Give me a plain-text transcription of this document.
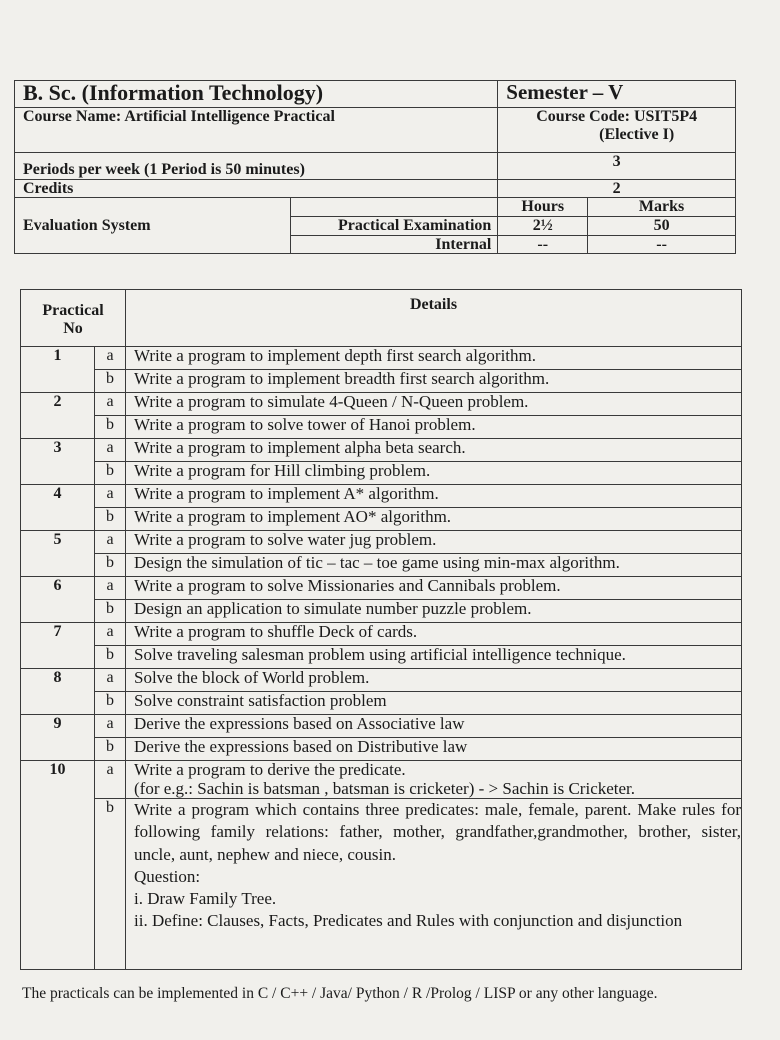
B. Sc. (Information Technology)		Semester – V	
Course Name: Artificial Intelligence Practical		Course Code: USIT5P4
(Elective I)	

Periods per week (1 Period is 50 minutes)		3	
Credits		2	
Evaluation System		Hours	Marks
	Practical Examination	2½	50
	Internal	--	--
Practical
No		Details
1	a	Write a program to implement depth first search algorithm.
	b	Write a program to implement breadth first search algorithm.
2	a	Write a program to simulate 4-Queen / N-Queen problem.
	b	Write a program to solve tower of Hanoi problem.
3	a	Write a program to implement alpha beta search.
	b	Write a program for Hill climbing problem.
4	a	Write a program to implement A* algorithm.
	b	Write a program to implement AO* algorithm.
5	a	Write a program to solve water jug problem.
	b	Design the simulation of tic – tac – toe game using min-max algorithm.
6	a	Write a program to solve Missionaries and Cannibals problem.
	b	Design an application to simulate number puzzle problem.
7	a	Write a program to shuffle Deck of cards.
	b	Solve traveling salesman problem using artificial intelligence technique.
8	a	Solve the block of World problem.
	b	Solve constraint satisfaction problem
9	a	Derive the expressions based on Associative law
	b	Derive the expressions based on Distributive law
10	a	Write a program to derive the predicate.
(for e.g.: Sachin is batsman , batsman is cricketer) - > Sachin is Cricketer.

	b	Write a program which contains three predicates: male, female, parent. Make rules for following family relations: father, mother, grandfather,grandmother, brother, sister, uncle, aunt, nephew and niece, cousin.
Question:
i. Draw Family Tree.
ii. Define: Clauses, Facts, Predicates and Rules with conjunction and disjunction
The practicals can be implemented in C / C++ / Java/ Python / R /Prolog / LISP or any other language.
